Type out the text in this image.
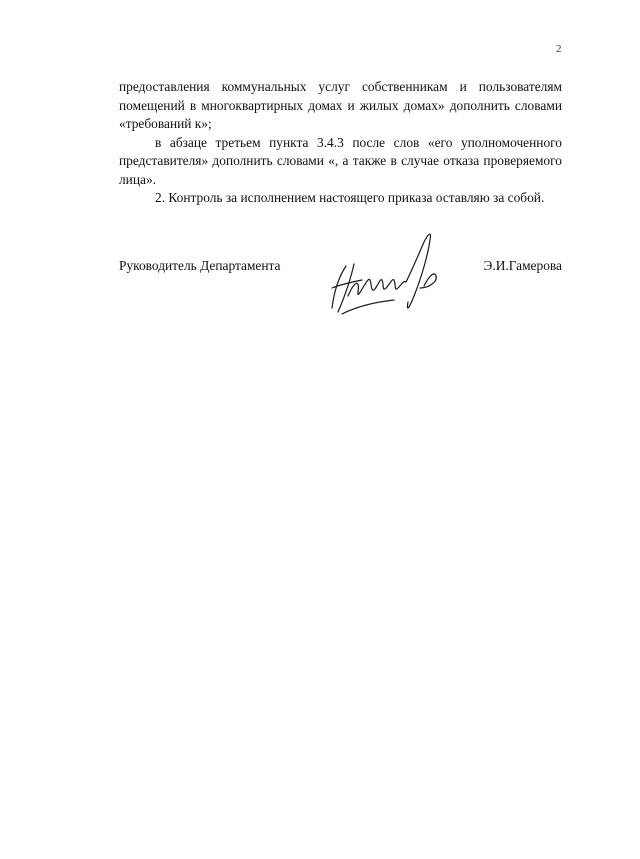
2

предоставления коммунальных услуг собственникам и пользователям помещений в многоквартирных домах и жилых домах» дополнить словами «требований к»;

в абзаце третьем пункта 3.4.3 после слов «его уполномоченного представителя» дополнить словами «, а также в случае отказа проверяемого лица».

2. Контроль за исполнением настоящего приказа оставляю за собой.

Руководитель Департамента	Э.И.Гамерова
